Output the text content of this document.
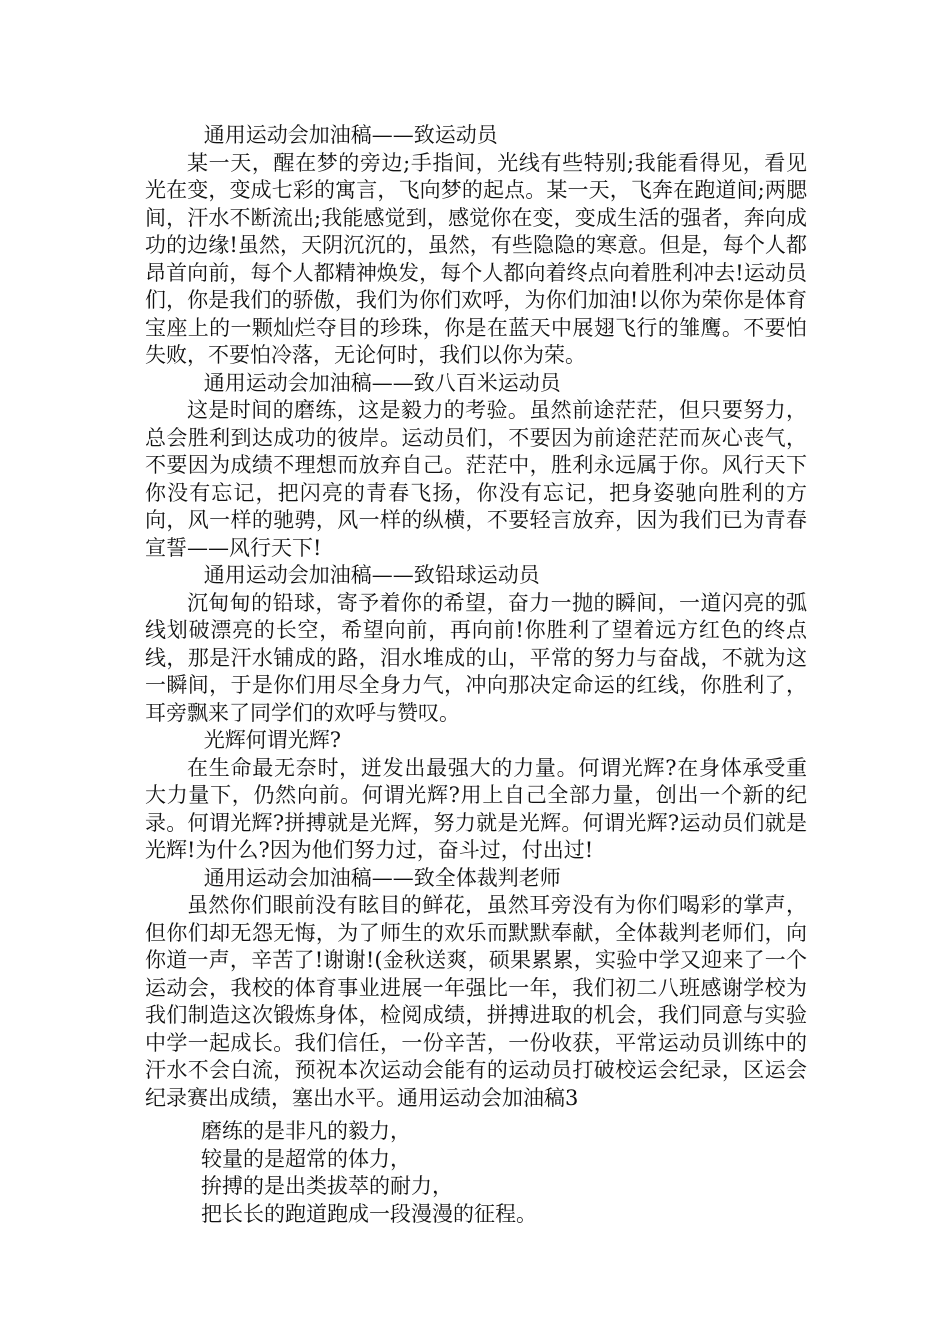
通用运动会加油稿——致运动员

某一天，醒在梦的旁边;手指间，光线有些特别;我能看得见，看见光在变，变成七彩的寓言，飞向梦的起点。某一天，飞奔在跑道间;两腮间，汗水不断流出;我能感觉到，感觉你在变，变成生活的强者，奔向成功的边缘!虽然，天阴沉沉的，虽然，有些隐隐的寒意。但是，每个人都昂首向前，每个人都精神焕发，每个人都向着终点向着胜利冲去!运动员们，你是我们的骄傲，我们为你们欢呼，为你们加油!以你为荣你是体育宝座上的一颗灿烂夺目的珍珠，你是在蓝天中展翅飞行的雏鹰。不要怕失败，不要怕冷落，无论何时，我们以你为荣。

通用运动会加油稿——致八百米运动员

这是时间的磨练，这是毅力的考验。虽然前途茫茫，但只要努力，总会胜利到达成功的彼岸。运动员们，不要因为前途茫茫而灰心丧气，不要因为成绩不理想而放弃自己。茫茫中，胜利永远属于你。风行天下你没有忘记，把闪亮的青春飞扬，你没有忘记，把身姿驰向胜利的方向，风一样的驰骋，风一样的纵横，不要轻言放弃，因为我们已为青春宣誓——风行天下!

通用运动会加油稿——致铅球运动员

沉甸甸的铅球，寄予着你的希望，奋力一抛的瞬间，一道闪亮的弧线划破漂亮的长空，希望向前，再向前!你胜利了望着远方红色的终点线，那是汗水铺成的路，泪水堆成的山，平常的努力与奋战，不就为这一瞬间，于是你们用尽全身力气，冲向那决定命运的红线，你胜利了，耳旁飘来了同学们的欢呼与赞叹。

光辉何谓光辉?

在生命最无奈时，迸发出最强大的力量。何谓光辉?在身体承受重大力量下，仍然向前。何谓光辉?用上自己全部力量，创出一个新的纪录。何谓光辉?拼搏就是光辉，努力就是光辉。何谓光辉?运动员们就是光辉!为什么?因为他们努力过，奋斗过，付出过!

通用运动会加油稿——致全体裁判老师

虽然你们眼前没有眩目的鲜花，虽然耳旁没有为你们喝彩的掌声，但你们却无怨无悔，为了师生的欢乐而默默奉献，全体裁判老师们，向你道一声，辛苦了!谢谢!(金秋送爽，硕果累累，实验中学又迎来了一个运动会，我校的体育事业进展一年强比一年，我们初二八班感谢学校为我们制造这次锻炼身体，检阅成绩，拼搏进取的机会，我们同意与实验中学一起成长。我们信任，一份辛苦，一份收获，平常运动员训练中的汗水不会白流，预祝本次运动会能有的运动员打破校运会纪录，区运会纪录赛出成绩，塞出水平。通用运动会加油稿3

磨练的是非凡的毅力，
较量的是超常的体力，
拚搏的是出类拔萃的耐力，
把长长的跑道跑成一段漫漫的征程。
